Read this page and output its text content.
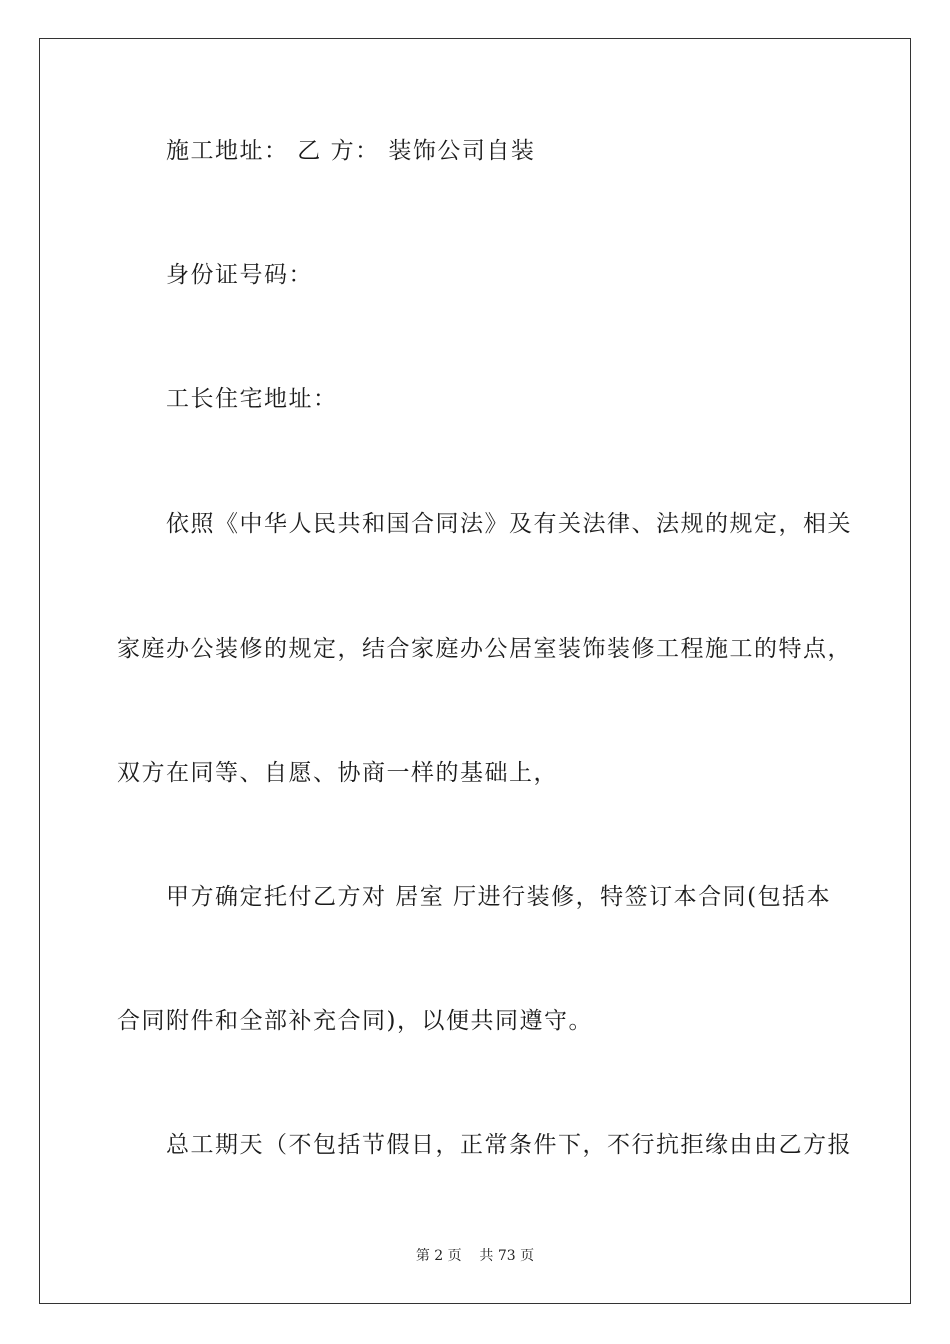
施工地址： 乙 方： 装饰公司自装
身份证号码：
工长住宅地址：
依照《中华人民共和国合同法》及有关法律、法规的规定，相关
家庭办公装修的规定，结合家庭办公居室装饰装修工程施工的特点，
双方在同等、自愿、协商一样的基础上，
甲方确定托付乙方对 居室 厅进行装修，特签订本合同(包括本
合同附件和全部补充合同)，以便共同遵守。
总工期天（不包括节假日，正常条件下，不行抗拒缘由由乙方报
第 2 页    共 73 页
